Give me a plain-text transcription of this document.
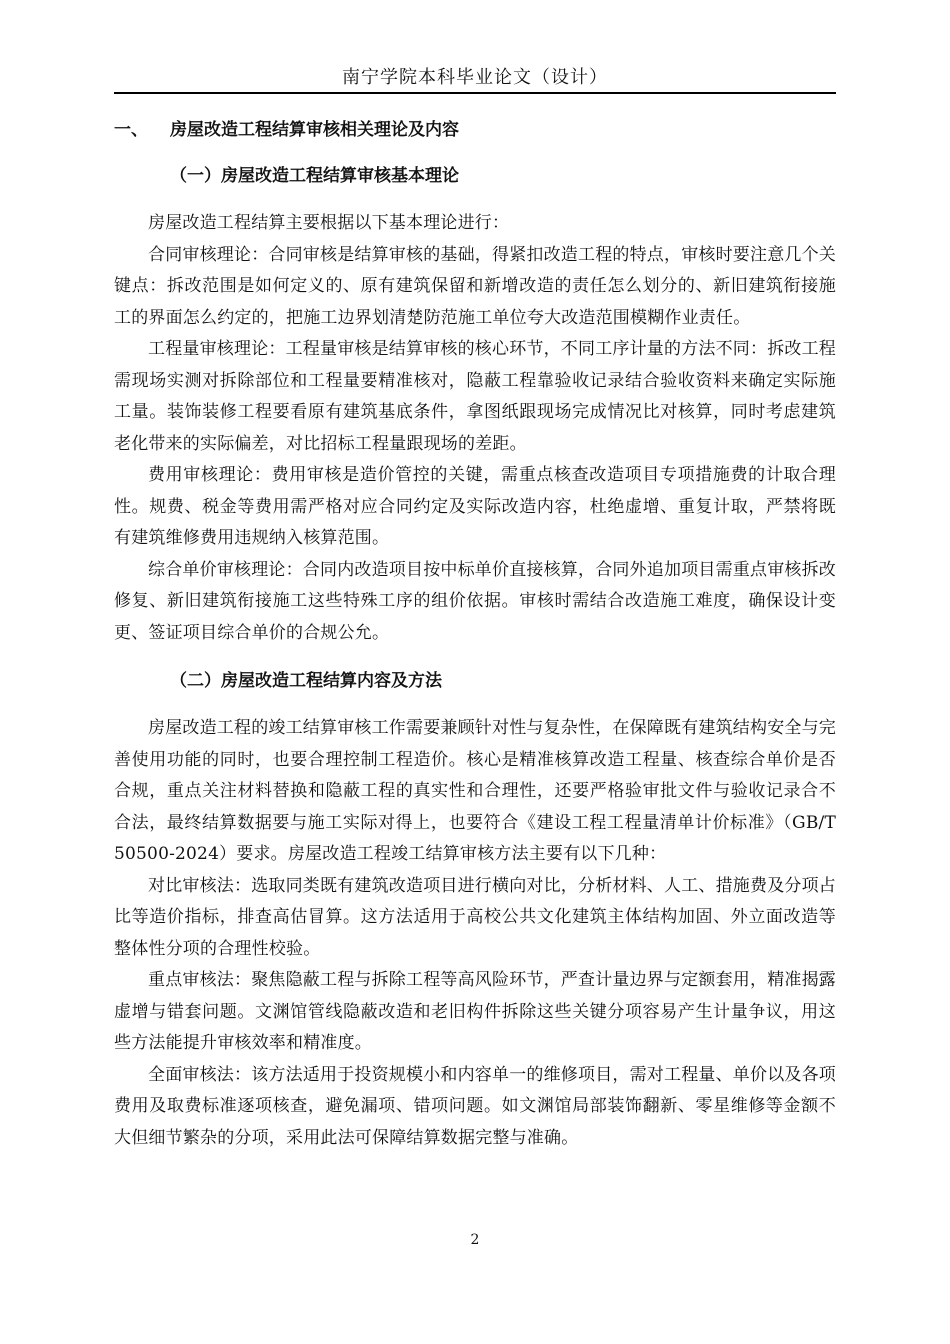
南宁学院本科毕业论文（设计）
一、	房屋改造工程结算审核相关理论及内容
（一）房屋改造工程结算审核基本理论

房屋改造工程结算主要根据以下基本理论进行：

合同审核理论：合同审核是结算审核的基础，得紧扣改造工程的特点，审核时要注意几个关键点：拆改范围是如何定义的、原有建筑保留和新增改造的责任怎么划分的、新旧建筑衔接施工的界面怎么约定的，把施工边界划清楚防范施工单位夸大改造范围模糊作业责任。

工程量审核理论：工程量审核是结算审核的核心环节，不同工序计量的方法不同：拆改工程需现场实测对拆除部位和工程量要精准核对，隐蔽工程靠验收记录结合验收资料来确定实际施工量。装饰装修工程要看原有建筑基底条件，拿图纸跟现场完成情况比对核算，同时考虑建筑老化带来的实际偏差，对比招标工程量跟现场的差距。

费用审核理论：费用审核是造价管控的关键，需重点核查改造项目专项措施费的计取合理性。规费、税金等费用需严格对应合同约定及实际改造内容，杜绝虚增、重复计取，严禁将既有建筑维修费用违规纳入核算范围。

综合单价审核理论：合同内改造项目按中标单价直接核算，合同外追加项目需重点审核拆改修复、新旧建筑衔接施工这些特殊工序的组价依据。审核时需结合改造施工难度，确保设计变更、签证项目综合单价的合规公允。

（二）房屋改造工程结算内容及方法

房屋改造工程的竣工结算审核工作需要兼顾针对性与复杂性，在保障既有建筑结构安全与完善使用功能的同时，也要合理控制工程造价。核心是精准核算改造工程量、核查综合单价是否合规，重点关注材料替换和隐蔽工程的真实性和合理性，还要严格验审批文件与验收记录合不合法，最终结算数据要与施工实际对得上，也要符合《建设工程工程量清单计价标准》（GB/T 50500-2024）要求。房屋改造工程竣工结算审核方法主要有以下几种：

对比审核法：选取同类既有建筑改造项目进行横向对比，分析材料、人工、措施费及分项占比等造价指标，排查高估冒算。这方法适用于高校公共文化建筑主体结构加固、外立面改造等整体性分项的合理性校验。

重点审核法：聚焦隐蔽工程与拆除工程等高风险环节，严查计量边界与定额套用，精准揭露虚增与错套问题。文渊馆管线隐蔽改造和老旧构件拆除这些关键分项容易产生计量争议，用这些方法能提升审核效率和精准度。

全面审核法：该方法适用于投资规模小和内容单一的维修项目，需对工程量、单价以及各项费用及取费标准逐项核查，避免漏项、错项问题。如文渊馆局部装饰翻新、零星维修等金额不大但细节繁杂的分项，采用此法可保障结算数据完整与准确。

2
